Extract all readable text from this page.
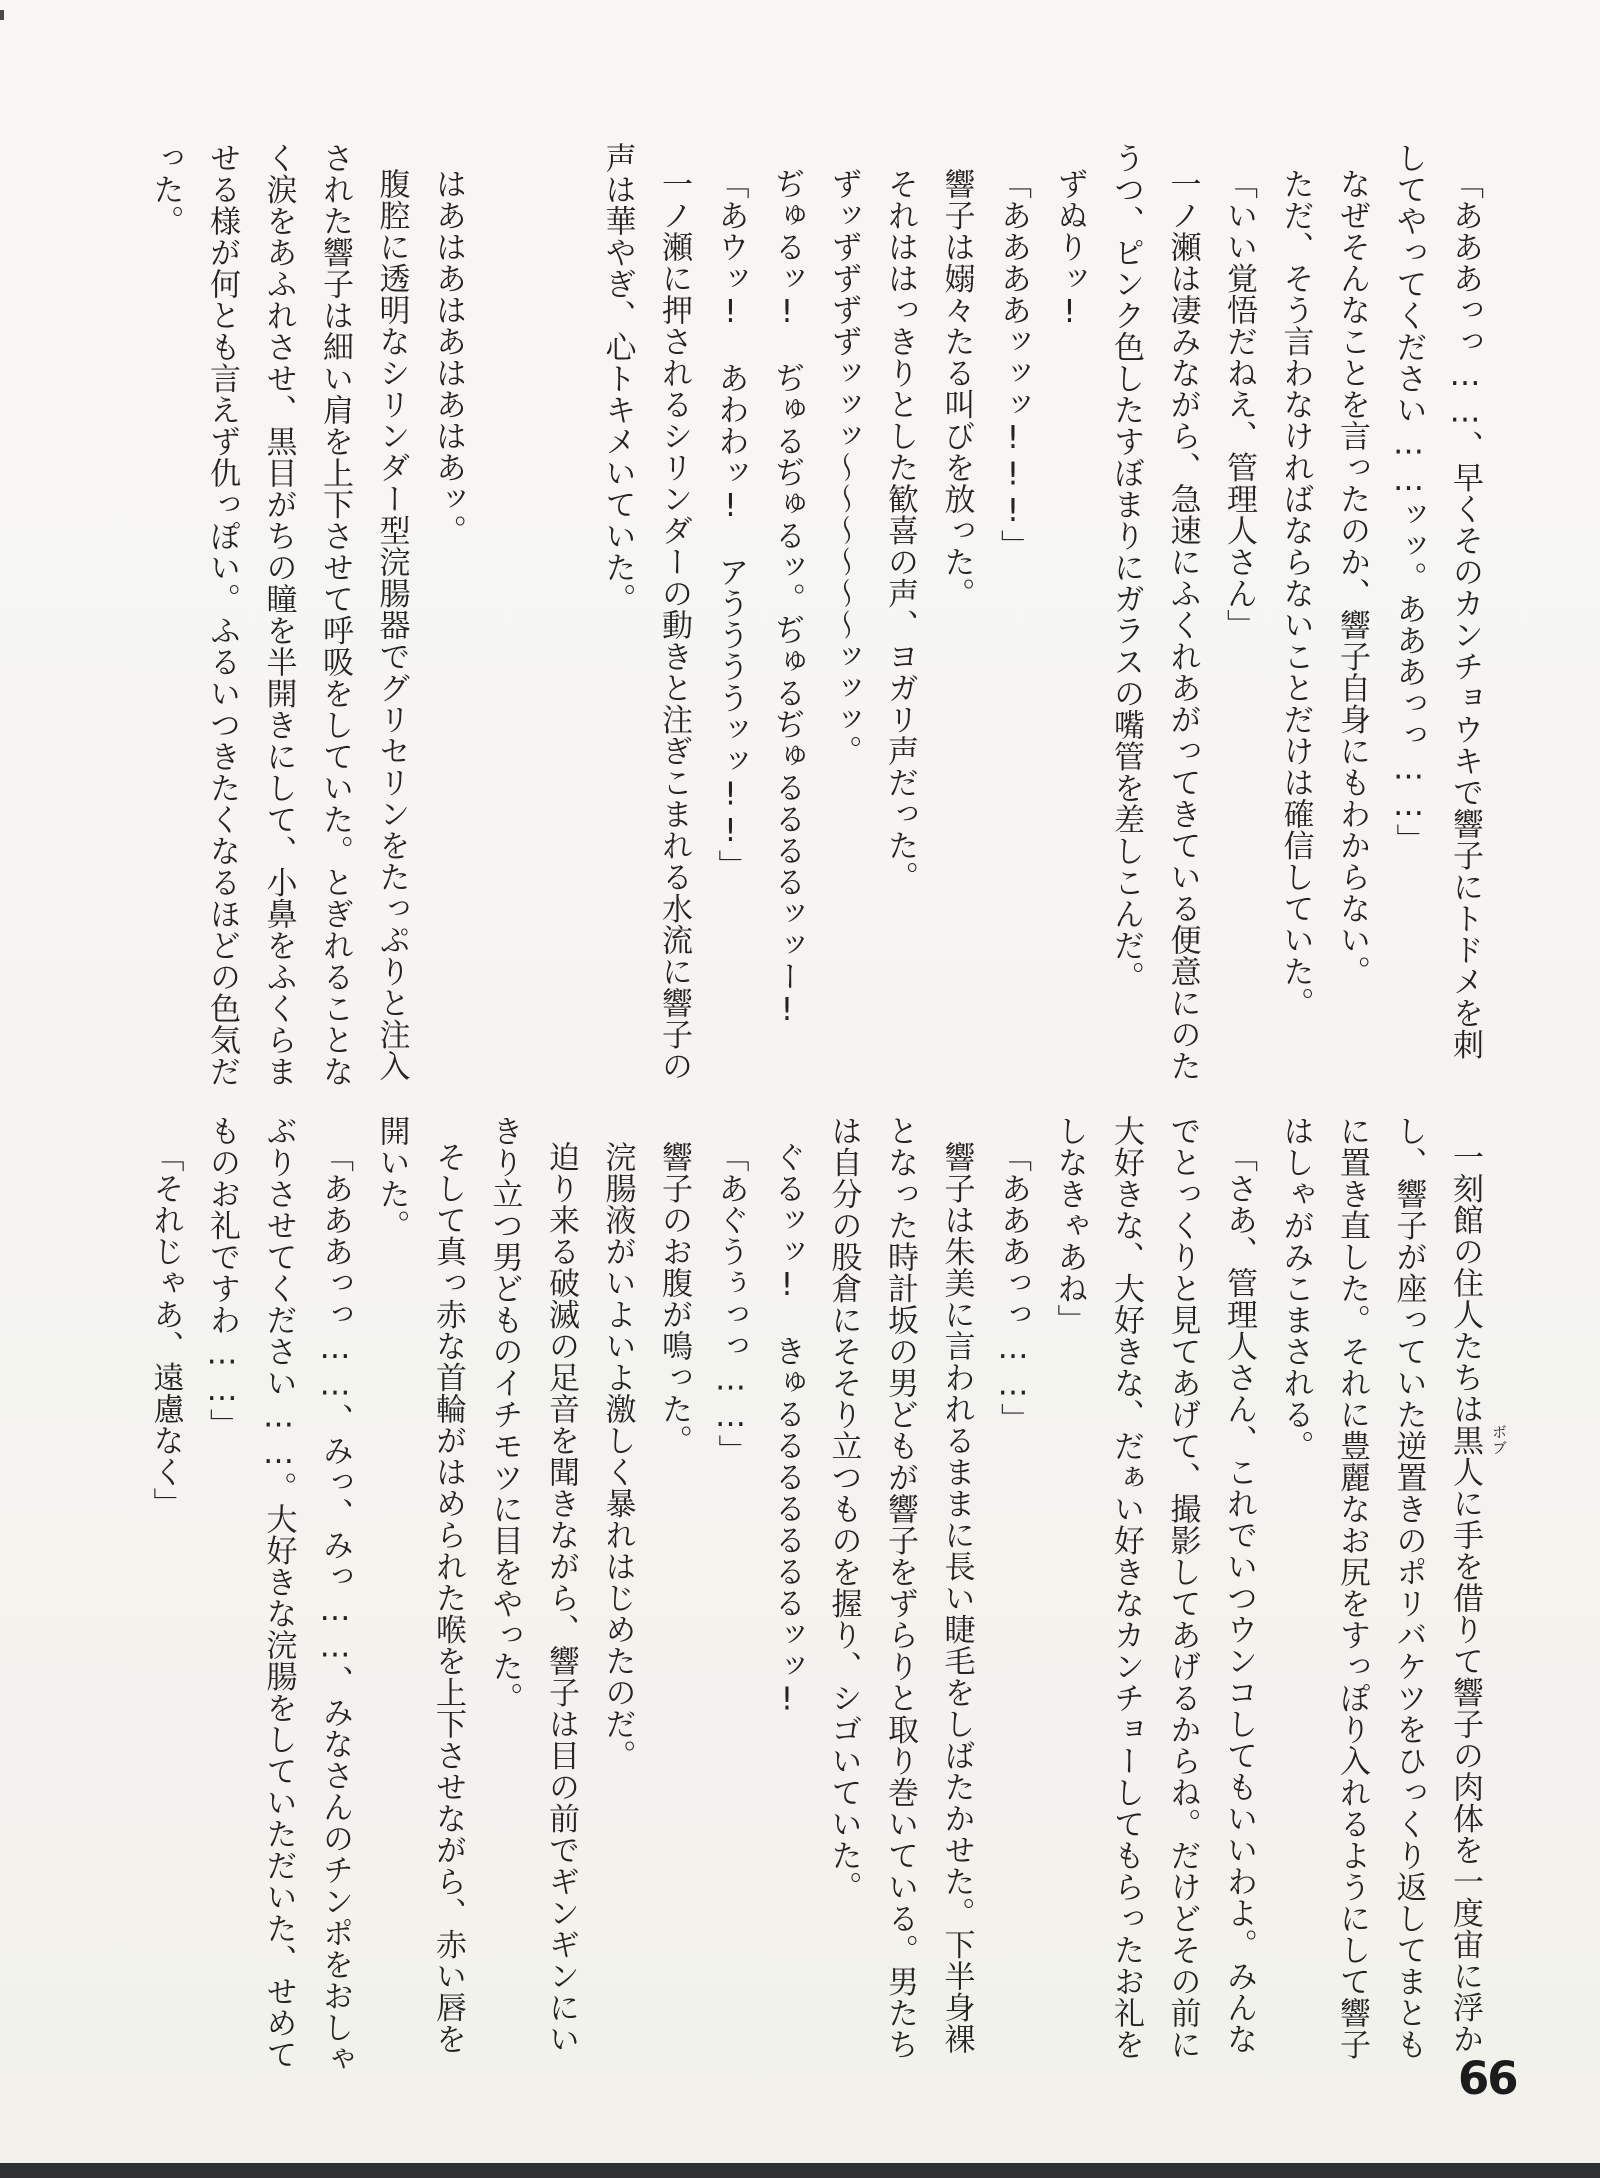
「あああっっ……、早くそのカンチョウキで響子にトドメを刺
してやってください……ッッ。あああっっ……」
なぜそんなことを言ったのか、響子自身にもわからない。
ただ、そう言わなければならないことだけは確信していた。
「いい覚悟だねえ、管理人さん」
一ノ瀬は凄みながら、急速にふくれあがってきている便意にのた
うつ、ピンク色したすぼまりにガラスの嘴管を差しこんだ。
ずぬりッ!
「ああああッッッ!!!」
響子は嫋々たる叫びを放った。
それははっきりとした歓喜の声、ヨガリ声だった。
ずッずずずずッッッ〜〜〜〜〜〜ッッッ。
ぢゅるッ!　ぢゅるぢゅるッ。ぢゅるぢゅるるるるッッー!
「あウッ!　あわわッ!　アううううッッ!!」
一ノ瀬に押されるシリンダーの動きと注ぎこまれる水流に響子の
声は華やぎ、心トキメいていた。
はあはあはあはあはあッ。
腹腔に透明なシリンダー型浣腸器でグリセリンをたっぷりと注入
された響子は細い肩を上下させて呼吸をしていた。とぎれることな
く涙をあふれさせ、黒目がちの瞳を半開きにして、小鼻をふくらま
せる様が何とも言えず仇っぽい。ふるいつきたくなるほどの色気だ
った。
一刻館の住人たちは黒人に手を借りて響子の肉体を一度宙に浮か
し、響子が座っていた逆置きのポリバケツをひっくり返してまとも
に置き直した。それに豊麗なお尻をすっぽり入れるようにして響子
はしゃがみこまされる。
「さあ、管理人さん、これでいつウンコしてもいいわよ。みんな
でとっくりと見てあげて、撮影してあげるからね。だけどその前に
大好きな、大好きな、だぁい好きなカンチョーしてもらったお礼を
しなきゃあね」
「あああっっ……」
響子は朱美に言われるままに長い睫毛をしばたかせた。下半身裸
となった時計坂の男どもが響子をずらりと取り巻いている。男たち
は自分の股倉にそそり立つものを握り、シゴいていた。
ぐるッッ!　きゅるるるるるるるッッ!
「あぐうぅっっ……」
響子のお腹が鳴った。
浣腸液がいよいよ激しく暴れはじめたのだ。
迫り来る破滅の足音を聞きながら、響子は目の前でギンギンにい
きり立つ男どものイチモツに目をやった。
そして真っ赤な首輪がはめられた喉を上下させながら、赤い唇を
開いた。
「あああっっ……、みっ、みっ……、みなさんのチンポをおしゃ
ぶりさせてください……。大好きな浣腸をしていただいた、せめて
ものお礼ですわ……」
「それじゃあ、遠慮なく」	ボブ
66
